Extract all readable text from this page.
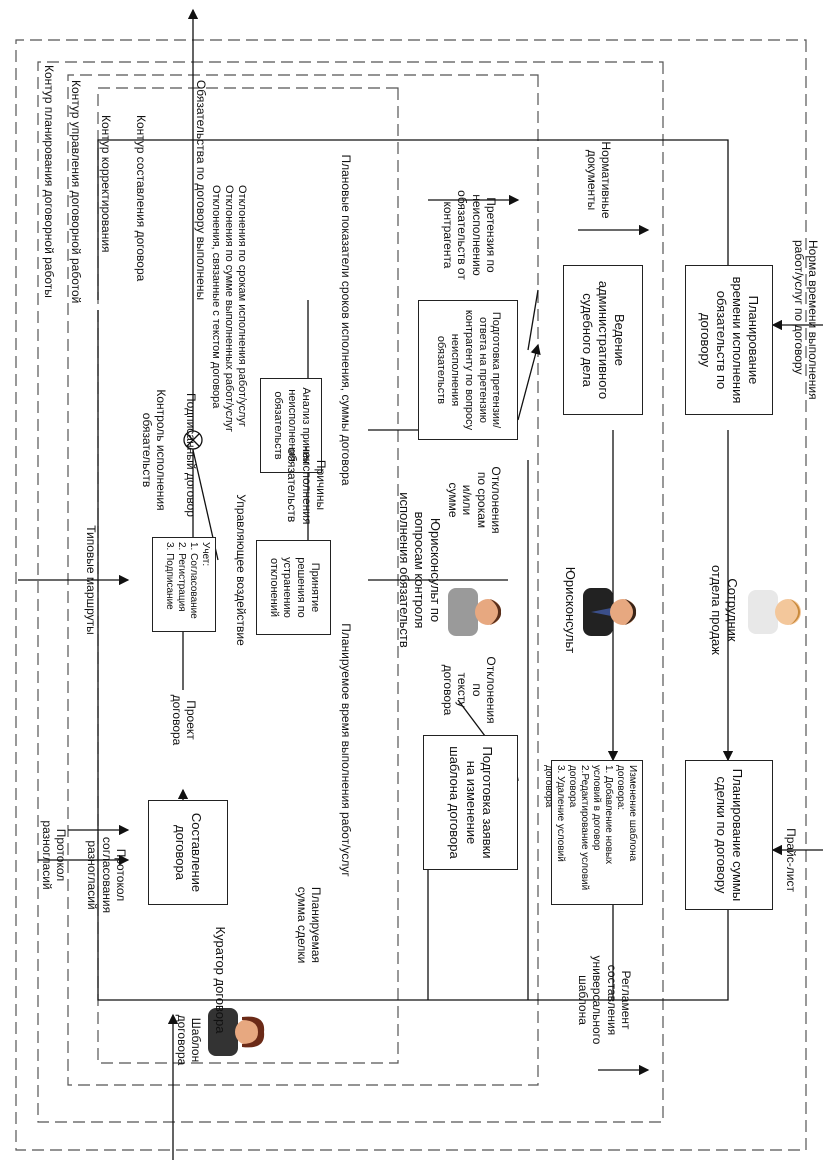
Планирование времени исполнения обязательств по договору
Планирование суммы сделки по договору
Ведение административного судебного дела
Изменение шаблона договора:
1. Добавление новых условий в договор
2.Редактирование условий договора
3. Удаление условий договора
Подготовка претензии/ответа на претензию контрагенту по вопросу неисполнения обязательств
Подготовка заявки на изменение шаблона договора
Анализ причин неисполнения обязательств
Принятие решения по устранению отклонений
Учет:
1. Согласование
2. Регистрация
3. Подписание
Составление договора
Сотрудник
отдела продаж
Юрисконсульт
Юрисконсульт по
вопросам контроля
исполнения обязательств
Куратор договора
Норма времени выполнения
работ/услуг по договору
Прайс-лист
Нормативные
документы
Претензия по
неисполнению
обязательств от
контрагента
Регламент
составления
универсального
шаблона
Отклонения
по срокам
и/или
сумме
Отклонения
по
тексту
договора
Планируемое время выполнения работ/услуг
Планируемая
сумма сделки
Плановые показатели сроков исполнения, суммы договора
Причины
неисполнения
обязательств
Управляющее воздействие
Отклонения по срокам исполнения работ/услуг
Отклонения по сумме выполненных работ/услуг
Отклонения, связанные с текстом договора
Подписанный договор
Обязательства по договору выполнены
Контроль исполнения
обязательств
Проект
договора
Шаблон
договора
Протокол
согласования
разногласий
Протокол
разногласий
Типовые маршруты
Контур составления договора
Контур корректирования
Контур управления договорной работой
Контур планирования договорной работы
